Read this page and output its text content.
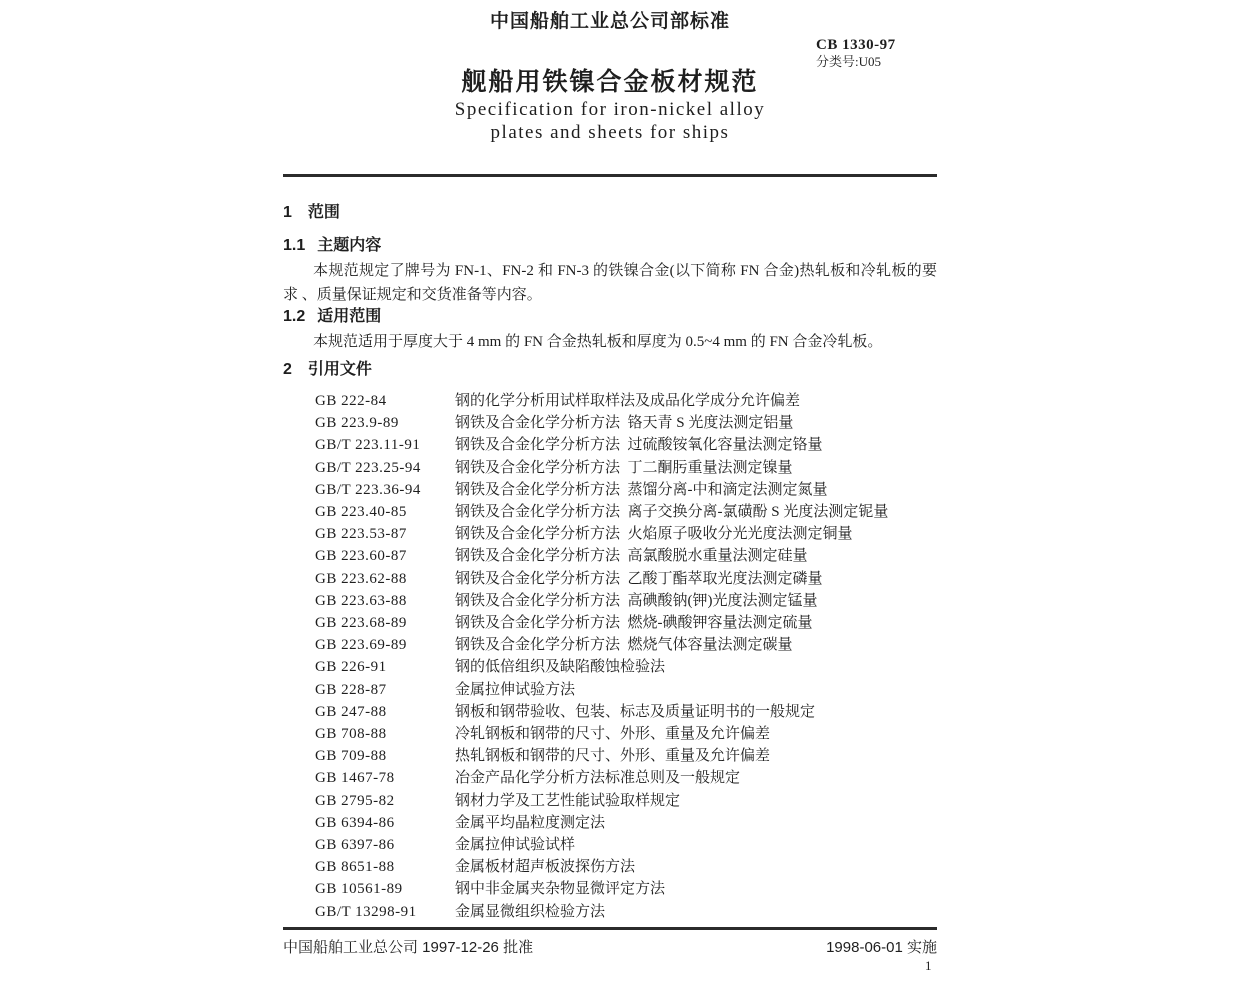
中国船舶工业总公司部标准
CB 1330-97
分类号:U05
舰船用铁镍合金板材规范
Specification for iron-nickel alloy
plates and sheets for ships
1 范围
1.1 主题内容
本规范规定了牌号为 FN-1、FN-2 和 FN-3 的铁镍合金(以下简称 FN 合金)热轧板和冷轧板的要求 、质量保证规定和交货准备等内容。
1.2 适用范围
本规范适用于厚度大于 4 mm 的 FN 合金热轧板和厚度为 0.5~4 mm 的 FN 合金冷轧板。
2 引用文件
GB 222-84	钢的化学分析用试样取样法及成品化学成分允许偏差
GB 223.9-89	钢铁及合金化学分析方法  铬天青 S 光度法测定铝量
GB/T 223.11-91	钢铁及合金化学分析方法  过硫酸铵氧化容量法测定铬量
GB/T 223.25-94	钢铁及合金化学分析方法  丁二酮肟重量法测定镍量
GB/T 223.36-94	钢铁及合金化学分析方法  蒸馏分离-中和滴定法测定氮量
GB 223.40-85	钢铁及合金化学分析方法  离子交换分离-氯磺酚 S 光度法测定铌量
GB 223.53-87	钢铁及合金化学分析方法  火焰原子吸收分光光度法测定铜量
GB 223.60-87	钢铁及合金化学分析方法  高氯酸脱水重量法测定硅量
GB 223.62-88	钢铁及合金化学分析方法  乙酸丁酯萃取光度法测定磷量
GB 223.63-88	钢铁及合金化学分析方法  高碘酸钠(钾)光度法测定锰量
GB 223.68-89	钢铁及合金化学分析方法  燃烧-碘酸钾容量法测定硫量
GB 223.69-89	钢铁及合金化学分析方法  燃烧气体容量法测定碳量
GB 226-91	钢的低倍组织及缺陷酸蚀检验法
GB 228-87	金属拉伸试验方法
GB 247-88	钢板和钢带验收、包装、标志及质量证明书的一般规定
GB 708-88	冷轧钢板和钢带的尺寸、外形、重量及允许偏差
GB 709-88	热轧钢板和钢带的尺寸、外形、重量及允许偏差
GB 1467-78	冶金产品化学分析方法标准总则及一般规定
GB 2795-82	钢材力学及工艺性能试验取样规定
GB 6394-86	金属平均晶粒度测定法
GB 6397-86	金属拉伸试验试样
GB 8651-88	金属板材超声板波探伤方法
GB 10561-89	钢中非金属夹杂物显微评定方法
GB/T 13298-91	金属显微组织检验方法
中国船舶工业总公司 1997-12-26 批准	1998-06-01 实施
1
